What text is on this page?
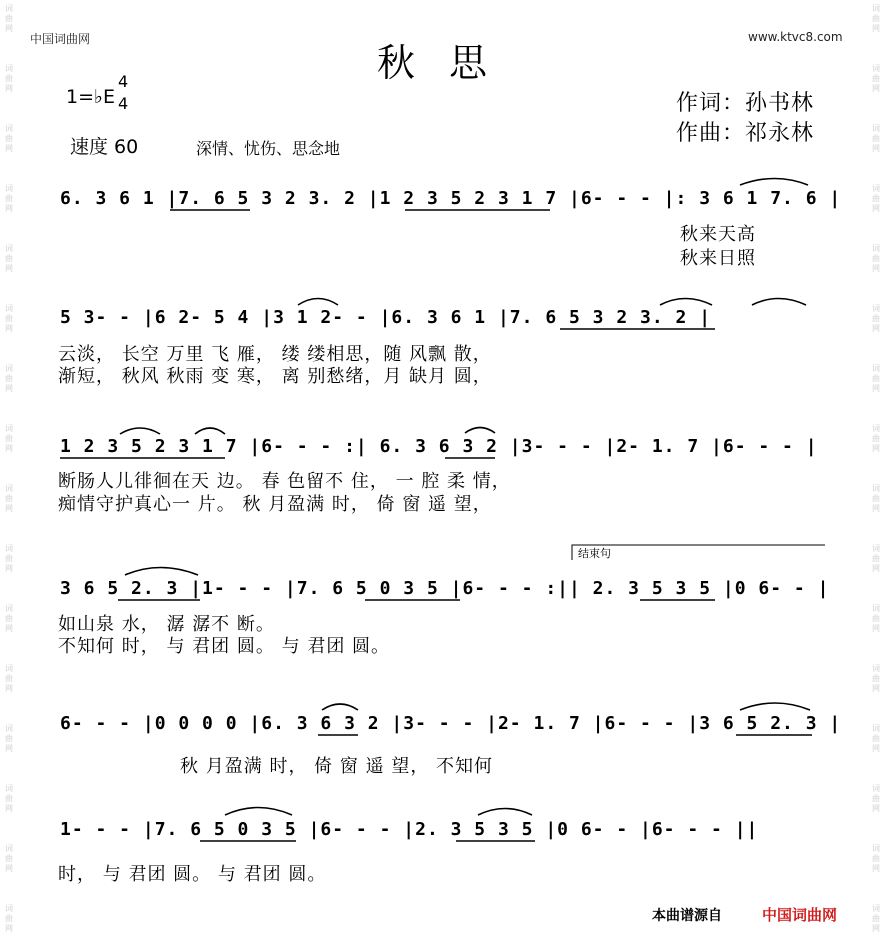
词
曲
网
词
曲
网
词
曲
网
词
曲
网
词
曲
网
词
曲
网
词
曲
网
词
曲
网
词
曲
网
词
曲
网
词
曲
网
词
曲
网
词
曲
网
词
曲
网
词
曲
网
词
曲
网
词
曲
网
词
曲
网
词
曲
网
词
曲
网
词
曲
网
词
曲
网
词
曲
网
词
曲
网
词
曲
网
词
曲
网
词
曲
网
词
曲
网
词
曲
网
词
曲
网
词
曲
网
词
曲
网
中国词曲网	www.ktvc8.com
秋思
1=♭E
4
4
速度 60	深情、忧伤、思念地
作词：孙书林
作曲：祁永林
6. 3 6 1 |7. 6 5 3 2 3. 2 |1 2 3 5 2 3 1 7 |6- - - |: 3 6 1 7. 6 |
秋来天高
秋来日照
5 3- - |6 2- 5 4 |3 1 2- - |6. 3 6 1 |7. 6 5 3 2 3. 2 |
云淡， 长空 万里 飞 雁， 缕 缕相思，随 风飘 散，
渐短， 秋风 秋雨 变 寒， 离 别愁绪，月 缺月 圆，
1 2 3 5 2 3 1 7 |6- - - :| 6. 3 6 3 2 |3- - - |2- 1. 7 |6- - - |
断肠人儿徘徊在天 边。 春 色留不 住， 一 腔 柔 情，
痴情守护真心一 片。 秋 月盈满 时， 倚 窗 遥 望，
结束句
3 6 5 2. 3 |1- - - |7. 6 5 0 3 5 |6- - - :|| 2. 3 5 3 5 |0 6- - |
如山泉 水， 潺 潺不 断。
不知何 时， 与 君团 圆。 与 君团 圆。
6- - - |0 0 0 0 |6. 3 6 3 2 |3- - - |2- 1. 7 |6- - - |3 6 5 2. 3 |
秋 月盈满 时， 倚 窗 遥 望， 不知何
1- - - |7. 6 5 0 3 5 |6- - - |2. 3 5 3 5 |0 6- - |6- - - ||
时， 与 君团 圆。 与 君团 圆。
本曲谱源自	中国词曲网
